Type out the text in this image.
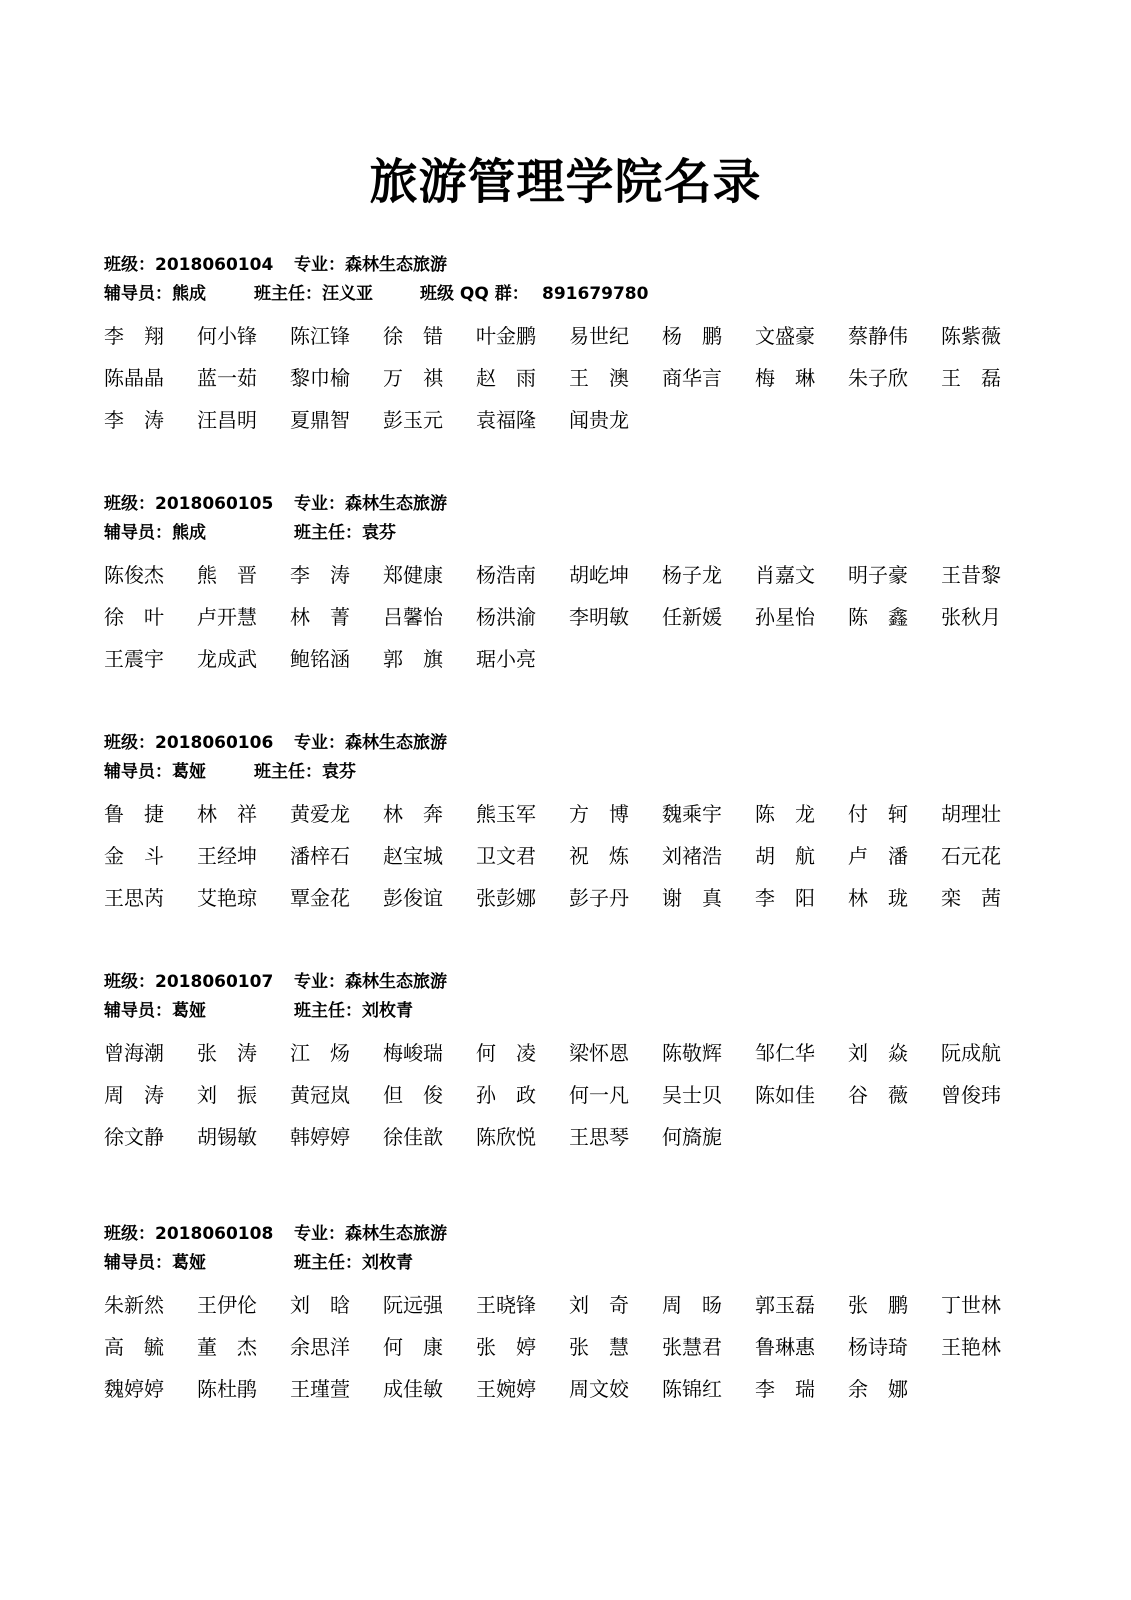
旅游管理学院名录
班级：2018060104 专业：森林生态旅游
辅导员：熊成	班主任：汪义亚	班级 QQ 群： 891679780
李　翔	何小锋	陈江锋	徐　错	叶金鹏	易世纪	杨　鹏	文盛豪	蔡静伟	陈紫薇
陈晶晶	蓝一茹	黎巾榆	万　祺	赵　雨	王　澳	商华言	梅　琳	朱子欣	王　磊
李　涛	汪昌明	夏鼎智	彭玉元	袁福隆	闻贵龙
班级：2018060105 专业：森林生态旅游
辅导员：熊成	班主任：袁芬
陈俊杰	熊　晋	李　涛	郑健康	杨浩南	胡屹坤	杨子龙	肖嘉文	明子豪	王昔黎
徐　叶	卢开慧	林　菁	吕馨怡	杨洪渝	李明敏	任新媛	孙星怡	陈　鑫	张秋月
王震宇	龙成武	鲍铭涵	郭　旗	琚小亮
班级：2018060106 专业：森林生态旅游
辅导员：葛娅	班主任：袁芬
鲁　捷	林　祥	黄爱龙	林　奔	熊玉军	方　博	魏乘宇	陈　龙	付　轲	胡理壮
金　斗	王经坤	潘梓石	赵宝城	卫文君	祝　炼	刘褚浩	胡　航	卢　潘	石元花
王思芮	艾艳琼	覃金花	彭俊谊	张彭娜	彭子丹	谢　真	李　阳	林　珑	栾　茜
班级：2018060107 专业：森林生态旅游
辅导员：葛娅	班主任：刘枚青
曾海潮	张　涛	江　炀	梅峻瑞	何　凌	梁怀恩	陈敬辉	邹仁华	刘　焱	阮成航
周　涛	刘　振	黄冠岚	但　俊	孙　政	何一凡	吴士贝	陈如佳	谷　薇	曾俊玮
徐文静	胡锡敏	韩婷婷	徐佳歆	陈欣悦	王思琴	何旖旎
班级：2018060108 专业：森林生态旅游
辅导员：葛娅	班主任：刘枚青
朱新然	王伊伦	刘　晗	阮远强	王晓锋	刘　奇	周　旸	郭玉磊	张　鹏	丁世林
高　毓	董　杰	余思洋	何　康	张　婷	张　慧	张慧君	鲁琳惠	杨诗琦	王艳林
魏婷婷	陈杜鹃	王瑾萱	成佳敏	王婉婷	周文姣	陈锦红	李　瑞	余　娜
